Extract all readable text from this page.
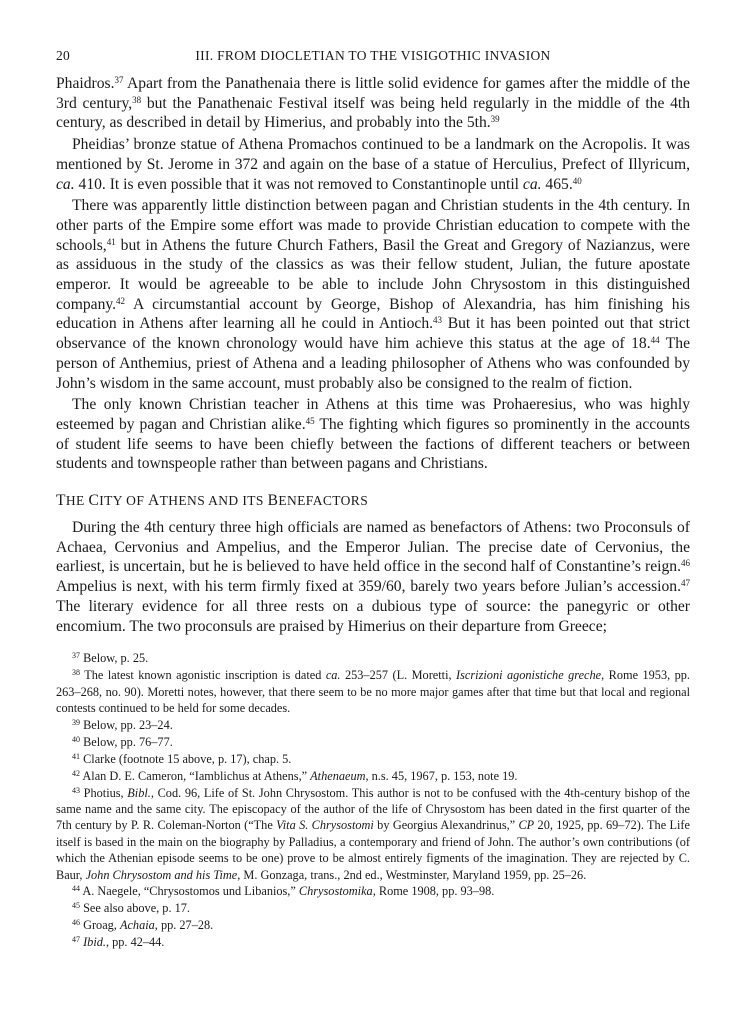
20	III. FROM DIOCLETIAN TO THE VISIGOTHIC INVASION

Phaidros.$^{37}$ Apart from the Panathenaia there is little solid evidence for games after the middle of the 3rd century,$^{38}$ but the Panathenaic Festival itself was being held regularly in the middle of the 4th century, as described in detail by Himerius, and probably into the 5th.$^{39}$

Pheidias’ bronze statue of Athena Promachos continued to be a landmark on the Acropolis. It was mentioned by St. Jerome in 372 and again on the base of a statue of Herculius, Prefect of Illyricum, ca. 410. It is even possible that it was not removed to Constantinople until ca. 465.40

There was apparently little distinction between pagan and Christian students in the 4th century. In other parts of the Empire some effort was made to provide Christian education to compete with the schools,$^{41}$ but in Athens the future Church Fathers, Basil the Great and Gregory of Nazianzus, were as assiduous in the study of the classics as was their fellow student, Julian, the future apostate emperor. It would be agreeable to be able to include John Chrysostom in this distinguished company.$^{42}$ A circumstantial account by George, Bishop of Alexandria, has him finishing his education in Athens after learning all he could in Antioch.$^{43}$ But it has been pointed out that strict observance of the known chronology would have him achieve this status at the age of 18.44 The person of Anthemius, priest of Athena and a leading philosopher of Athens who was confounded by John’s wisdom in the same account, must probably also be consigned to the realm of fiction.

The only known Christian teacher in Athens at this time was Prohaeresius, who was highly esteemed by pagan and Christian alike.$^{45}$ The fighting which figures so prominently in the accounts of student life seems to have been chiefly between the factions of different teachers or between students and townspeople rather than between pagans and Christians.

THE CITY OF ATHENS AND ITS BENEFACTORS

During the 4th century three high officials are named as benefactors of Athens: two Proconsuls of Achaea, Cervonius and Ampelius, and the Emperor Julian. The precise date of Cervonius, the earliest, is uncertain, but he is believed to have held office in the second half of Constantine’s reign.$^{46}$ Ampelius is next, with his term firmly fixed at 359/60, barely two years before Julian’s accession.$^{47}$ The literary evidence for all three rests on a dubious type of source: the panegyric or other encomium. The two proconsuls are praised by Himerius on their departure from Greece;

$^{37}$ Below, p. 25.

$^{38}$ The latest known agonistic inscription is dated ca. 253–257 (L. Moretti, Iscrizioni agonistiche greche, Rome 1953, pp. 263–268, no. 90). Moretti notes, however, that there seem to be no more major games after that time but that local and regional contests continued to be held for some decades.

$^{39}$ Below, pp. 23–24.

$^{40}$ Below, pp. 76–77.

$^{41}$ Clarke (footnote 15 above, p. 17), chap. 5.

$^{42}$ Alan D. E. Cameron, “Iamblichus at Athens,” Athenaeum, n.s. 45, 1967, p. 153, note 19.

$^{43}$ Photius, Bibl., Cod. 96, Life of St. John Chrysostom. This author is not to be confused with the 4th-century bishop of the same name and the same city. The episcopacy of the author of the life of Chrysostom has been dated in the first quarter of the 7th century by P. R. Coleman-Norton (“The Vita S. Chrysostomi by Georgius Alexandrinus,” CP 20, 1925, pp. 69–72). The Life itself is based in the main on the biography by Palladius, a contemporary and friend of John. The author’s own contributions (of which the Athenian episode seems to be one) prove to be almost entirely figments of the imagination. They are rejected by C. Baur, John Chrysostom and his Time, M. Gonzaga, trans., 2nd ed., Westminster, Maryland 1959, pp. 25–26.

$^{44}$ A. Naegele, “Chrysostomos und Libanios,” Chrysostomika, Rome 1908, pp. 93–98.

$^{45}$ See also above, p. 17.

$^{46}$ Groag, Achaia, pp. 27–28.

$^{47}$ Ibid., pp. 42–44.
